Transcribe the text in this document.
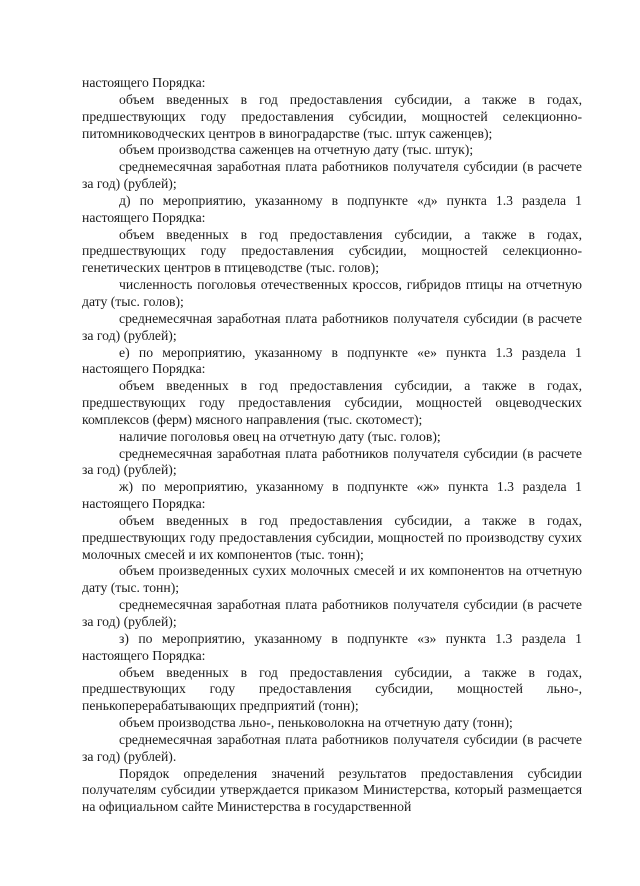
настоящего Порядка:

объем введенных в год предоставления субсидии, а также в годах, предшествующих году предоставления субсидии, мощностей селекционно-питомниководческих центров в виноградарстве (тыс. штук саженцев);

объем производства саженцев на отчетную дату (тыс. штук);

среднемесячная заработная плата работников получателя субсидии (в расчете за год) (рублей);

д) по мероприятию, указанному в подпункте «д» пункта 1.3 раздела 1 настоящего Порядка:

объем введенных в год предоставления субсидии, а также в годах, предшествующих году предоставления субсидии, мощностей селекционно-генетических центров в птицеводстве (тыс. голов);

численность поголовья отечественных кроссов, гибридов птицы на отчетную дату (тыс. голов);

среднемесячная заработная плата работников получателя субсидии (в расчете за год) (рублей);

е) по мероприятию, указанному в подпункте «е» пункта 1.3 раздела 1 настоящего Порядка:

объем введенных в год предоставления субсидии, а также в годах, предшествующих году предоставления субсидии, мощностей овцеводческих комплексов (ферм) мясного направления (тыс. скотомест);

наличие поголовья овец на отчетную дату (тыс. голов);

среднемесячная заработная плата работников получателя субсидии (в расчете за год) (рублей);

ж) по мероприятию, указанному в подпункте «ж» пункта 1.3 раздела 1 настоящего Порядка:

объем введенных в год предоставления субсидии, а также в годах, предшествующих году предоставления субсидии, мощностей по производству сухих молочных смесей и их компонентов (тыс. тонн);

объем произведенных сухих молочных смесей и их компонентов на отчетную дату (тыс. тонн);

среднемесячная заработная плата работников получателя субсидии (в расчете за год) (рублей);

з) по мероприятию, указанному в подпункте «з» пункта 1.3 раздела 1 настоящего Порядка:

объем введенных в год предоставления субсидии, а также в годах, предшествующих году предоставления субсидии, мощностей льно-, пенькоперерабатывающих предприятий (тонн);

объем производства льно-, пеньковолокна на отчетную дату (тонн);

среднемесячная заработная плата работников получателя субсидии (в расчете за год) (рублей).

Порядок определения значений результатов предоставления субсидии получателям субсидии утверждается приказом Министерства, который размещается на официальном сайте Министерства в государственной
